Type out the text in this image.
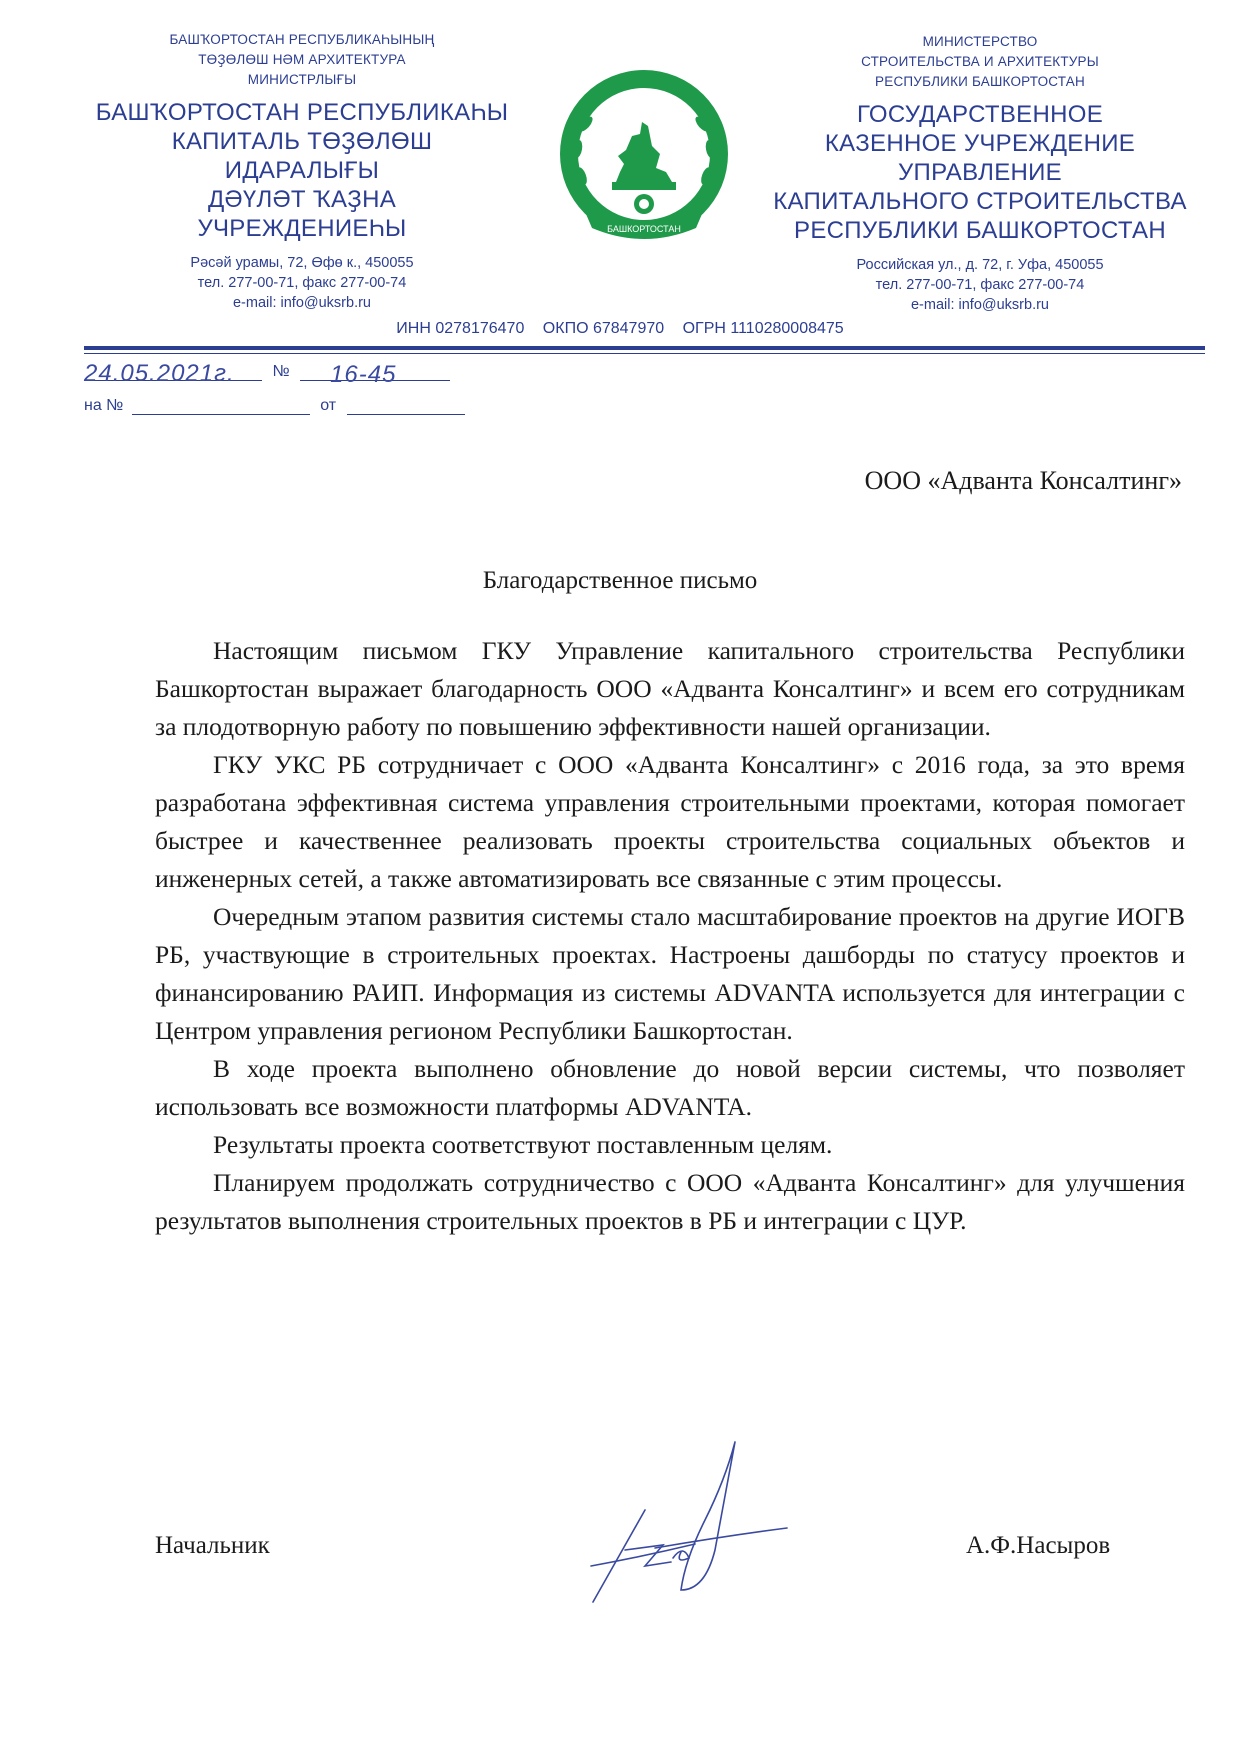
БАШҠОРТОСТАН РЕСПУБЛИКАҺЫНЫҢ
ТӨҘӨЛӨШ HӘМ АРХИТЕКТУРА
МИНИСТРЛЫҒЫ
БАШҠОРТОСТАН РЕСПУБЛИКАҺЫ
КАПИТАЛЬ ТӨҘӨЛӨШ
ИДАРАЛЫҒЫ
ДӘҮЛӘТ ҠАҘНА
УЧРЕЖДЕНИЕҺЫ
Рәсәй урамы, 72, Өфө к., 450055
тел. 277-00-71, факс 277-00-74
e-mail: info@uksrb.ru
БАШКОРТОСТАН
МИНИСТЕРСТВО
СТРОИТЕЛЬСТВА И АРХИТЕКТУРЫ
РЕСПУБЛИКИ БАШКОРТОСТАН
ГОСУДАРСТВЕННОЕ
КАЗЕННОЕ УЧРЕЖДЕНИЕ
УПРАВЛЕНИЕ
КАПИТАЛЬНОГО СТРОИТЕЛЬСТВА
РЕСПУБЛИКИ БАШКОРТОСТАН
Российская ул., д. 72, г. Уфа, 450055
тел. 277-00-71, факс 277-00-74
e-mail: info@uksrb.ru
ИНН 0278176470 ОКПО 67847970 ОГРН 1110280008475
24.05.2021г. № 16-45
на №	от
ООО «Адванта Консалтинг»
Благодарственное письмо

Настоящим письмом ГКУ Управление капитального строительства Республики Башкортостан выражает благодарность ООО «Адванта Консалтинг» и всем его сотрудникам за плодотворную работу по повышению эффективности нашей организации.

ГКУ УКС РБ сотрудничает с ООО «Адванта Консалтинг» с 2016 года, за это время разработана эффективная система управления строительными проектами, которая помогает быстрее и качественнее реализовать проекты строительства социальных объектов и инженерных сетей, а также автоматизировать все связанные с этим процессы.

Очередным этапом развития системы стало масштабирование проектов на другие ИОГВ РБ, участвующие в строительных проектах. Настроены дашборды по статусу проектов и финансированию РАИП. Информация из системы ADVANTA используется для интеграции с Центром управления регионом Республики Башкортостан.

В ходе проекта выполнено обновление до новой версии системы, что позволяет использовать все возможности платформы ADVANTA.

Результаты проекта соответствуют поставленным целям.

Планируем продолжать сотрудничество с ООО «Адванта Консалтинг» для улучшения результатов выполнения строительных проектов в РБ и интеграции с ЦУР.

Начальник	А.Ф.Насыров
